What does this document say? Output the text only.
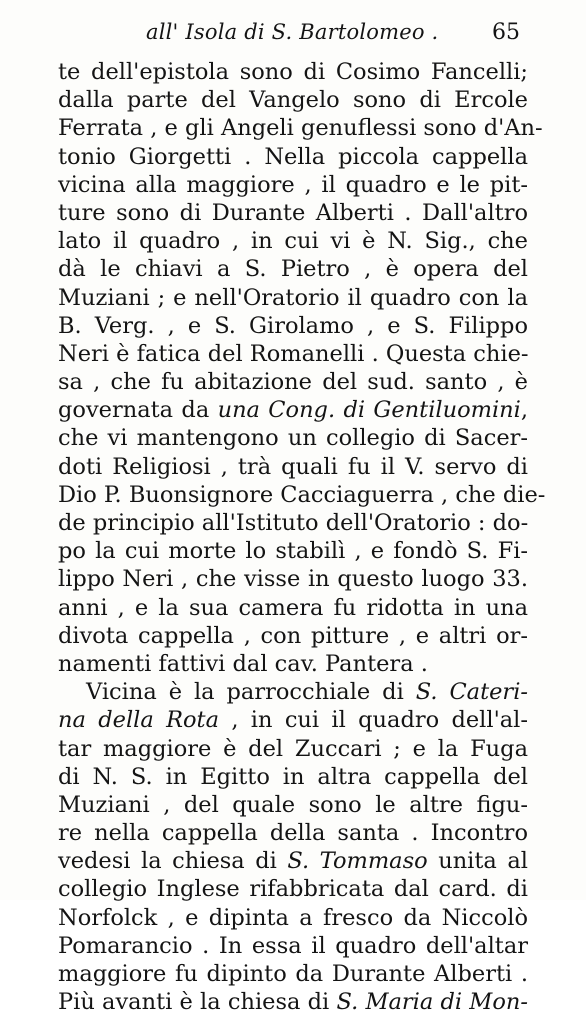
all' Isola di S. Bartolomeo . 65
te dell'epistola sono di Cosimo Fancelli;
dalla parte del Vangelo sono di Ercole
Ferrata , e gli Angeli genuflessi sono d'An-
tonio Giorgetti . Nella piccola cappella
vicina alla maggiore , il quadro e le pit-
ture sono di Durante Alberti . Dall'altro
lato il quadro , in cui vi è N. Sig., che
dà le chiavi a S. Pietro , è opera del
Muziani ; e nell'Oratorio il quadro con la
B. Verg. , e S. Girolamo , e S. Filippo
Neri è fatica del Romanelli . Questa chie-
sa , che fu abitazione del sud. santo , è
governata da una Cong. di Gentiluomini,
che vi mantengono un collegio di Sacer-
doti Religiosi , trà quali fu il V. servo di
Dio P. Buonsignore Cacciaguerra , che die-
de principio all'Istituto dell'Oratorio : do-
po la cui morte lo stabilì , e fondò S. Fi-
lippo Neri , che visse in questo luogo 33.
anni , e la sua camera fu ridotta in una
divota cappella , con pitture , e altri or-
namenti fattivi dal cav. Pantera .
Vicina è la parrocchiale di S. Cateri-
na della Rota , in cui il quadro dell'al-
tar maggiore è del Zuccari ; e la Fuga
di N. S. in Egitto in altra cappella del
Muziani , del quale sono le altre figu-
re nella cappella della santa . Incontro
vedesi la chiesa di S. Tommaso unita al
collegio Inglese rifabbricata dal card. di
Norfolck , e dipinta a fresco da Niccolò
Pomarancio . In essa il quadro dell'altar
maggiore fu dipinto da Durante Alberti .
Più avanti è la chiesa di S. Maria di Mon-
